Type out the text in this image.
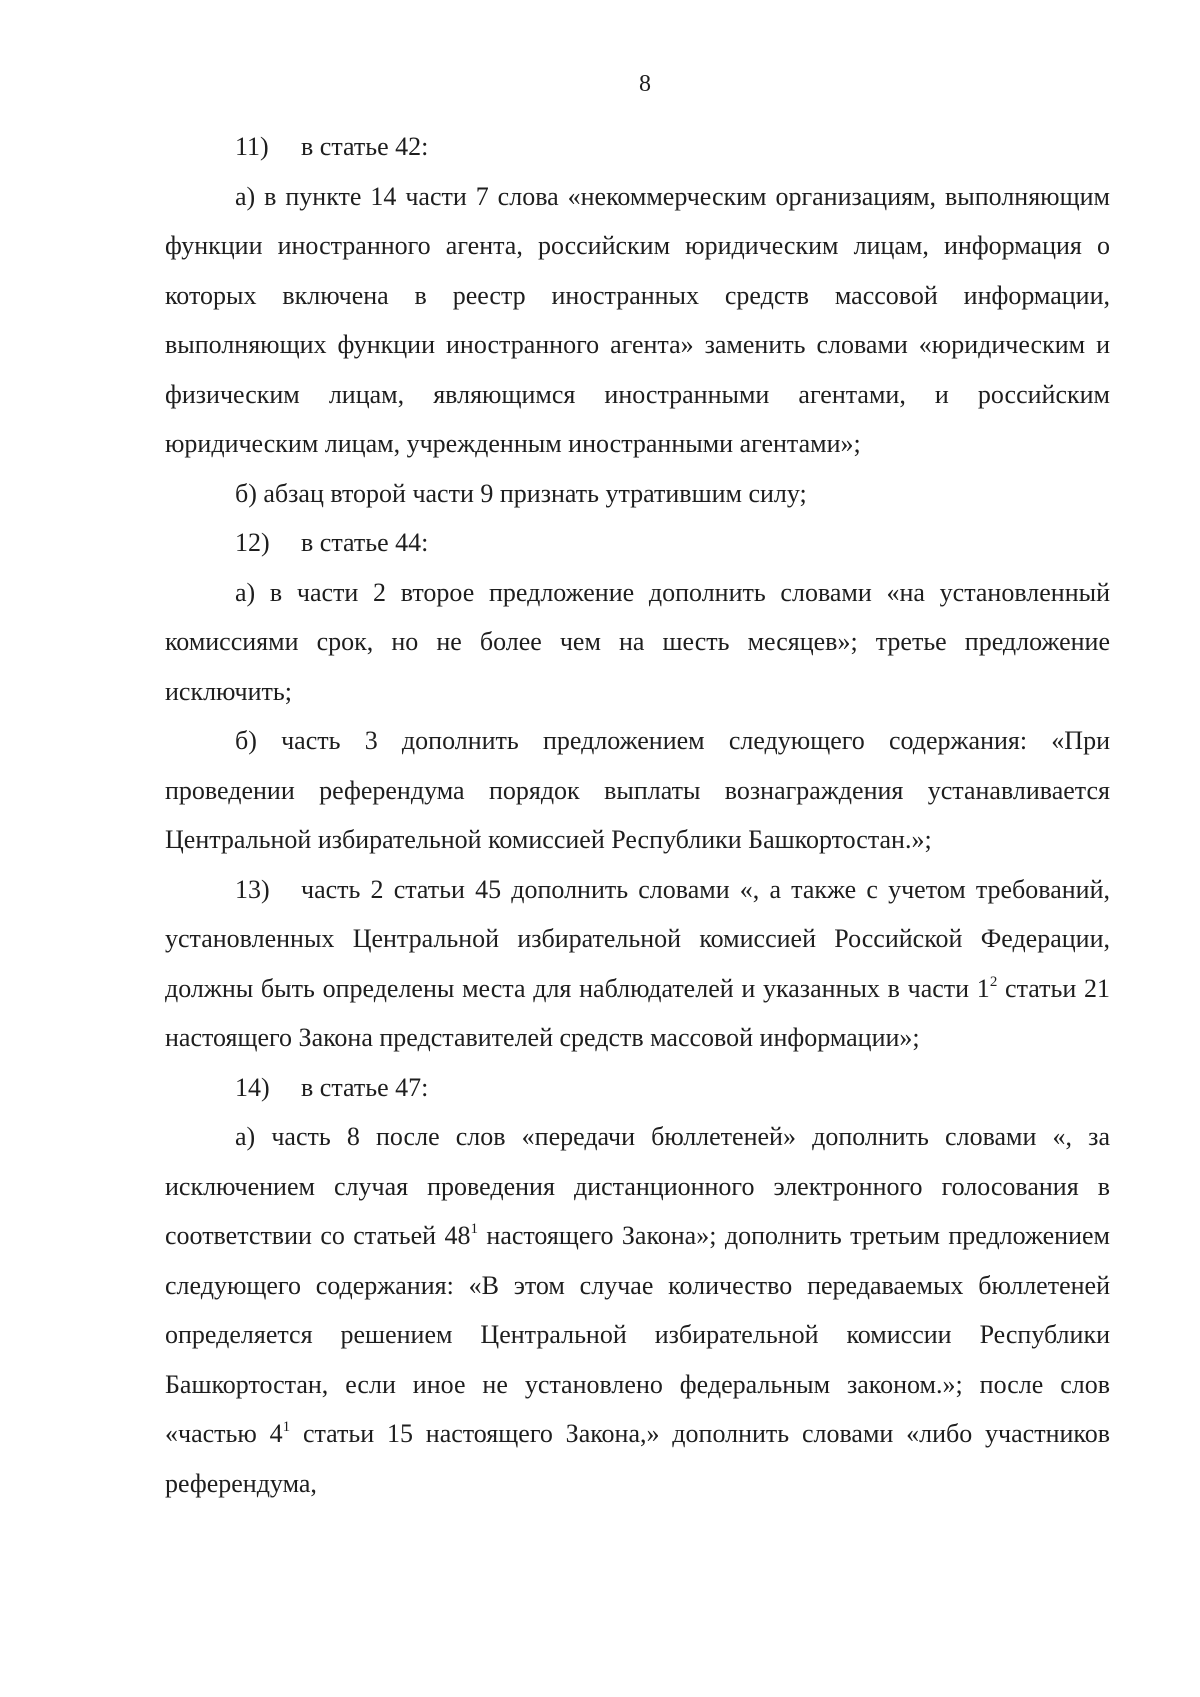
8

11) в статье 42:

а) в пункте 14 части 7 слова «некоммерческим организациям, выполняющим функции иностранного агента, российским юридическим лицам, информация о которых включена в реестр иностранных средств массовой информации, выполняющих функции иностранного агента» заменить словами «юридическим и физическим лицам, являющимся иностранными агентами, и российским юридическим лицам, учрежденным иностранными агентами»;

б) абзац второй части 9 признать утратившим силу;

12) в статье 44:

а) в части 2 второе предложение дополнить словами «на установленный комиссиями срок, но не более чем на шесть месяцев»; третье предложение исключить;

б) часть 3 дополнить предложением следующего содержания: «При проведении референдума порядок выплаты вознаграждения устанавливается Центральной избирательной комиссией Республики Башкортостан.»;

13) часть 2 статьи 45 дополнить словами «, а также с учетом требований, установленных Центральной избирательной комиссией Российской Федерации, должны быть определены места для наблюдателей и указанных в части $1^2$ статьи 21 настоящего Закона представителей средств массовой информации»;

14) в статье 47:

а) часть 8 после слов «передачи бюллетеней» дополнить словами «, за исключением случая проведения дистанционного электронного голосования в соответствии со статьей $48^1$ настоящего Закона»; дополнить третьим предложением следующего содержания: «В этом случае количество передаваемых бюллетеней определяется решением Центральной избирательной комиссии Республики Башкортостан, если иное не установлено федеральным законом.»; после слов «частью $4^1$ статьи 15 настоящего Закона,» дополнить словами «либо участников референдума,
